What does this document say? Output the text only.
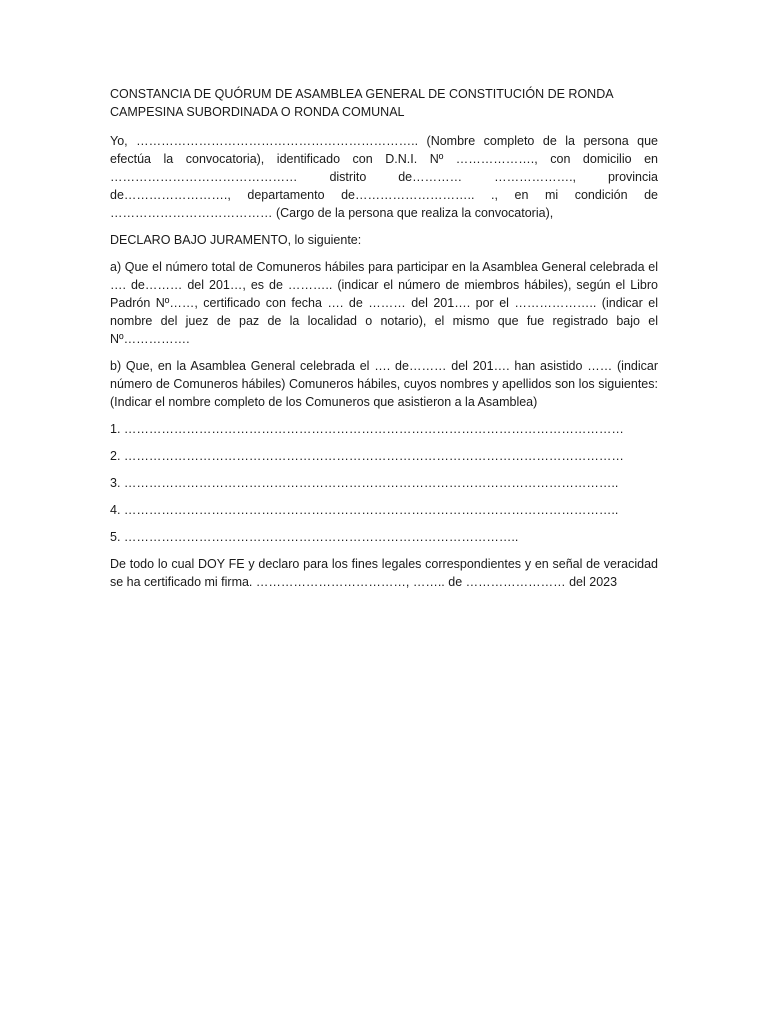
CONSTANCIA DE QUÓRUM DE ASAMBLEA GENERAL DE CONSTITUCIÓN DE RONDA CAMPESINA SUBORDINADA O RONDA COMUNAL

Yo, ………………………………………………………….. (Nombre completo de la persona que efectúa la convocatoria), identificado con D.N.I. Nº ………………., con domicilio en ……………………………………… distrito de………… ………………., provincia de……………………., departamento de……………………….. ., en mi condición de ………………………………… (Cargo de la persona que realiza la convocatoria),

DECLARO BAJO JURAMENTO, lo siguiente:

a) Que el número total de Comuneros hábiles para participar en la Asamblea General celebrada el …. de……… del 201…, es de ……….. (indicar el número de miembros hábiles), según el Libro Padrón Nº……, certificado con fecha …. de ……… del 201…. por el ……………….. (indicar el nombre del juez de paz de la localidad o notario), el mismo que fue registrado bajo el Nº…………….

b) Que, en la Asamblea General celebrada el …. de……… del 201…. han asistido …… (indicar número de Comuneros hábiles) Comuneros hábiles, cuyos nombres y apellidos son los siguientes: (Indicar el nombre completo de los Comuneros que asistieron a la Asamblea)

1. …………………………………………………………………………………………………………

2. …………………………………………………………………………………………………………

3. ………………………………………………………………………………………………………..

4. ………………………………………………………………………………………………………..

5. …………………………………………………………………………………..

De todo lo cual DOY FE y declaro para los fines legales correspondientes y en señal de veracidad se ha certificado mi firma. ………………………………, …….. de …………………… del 2023
